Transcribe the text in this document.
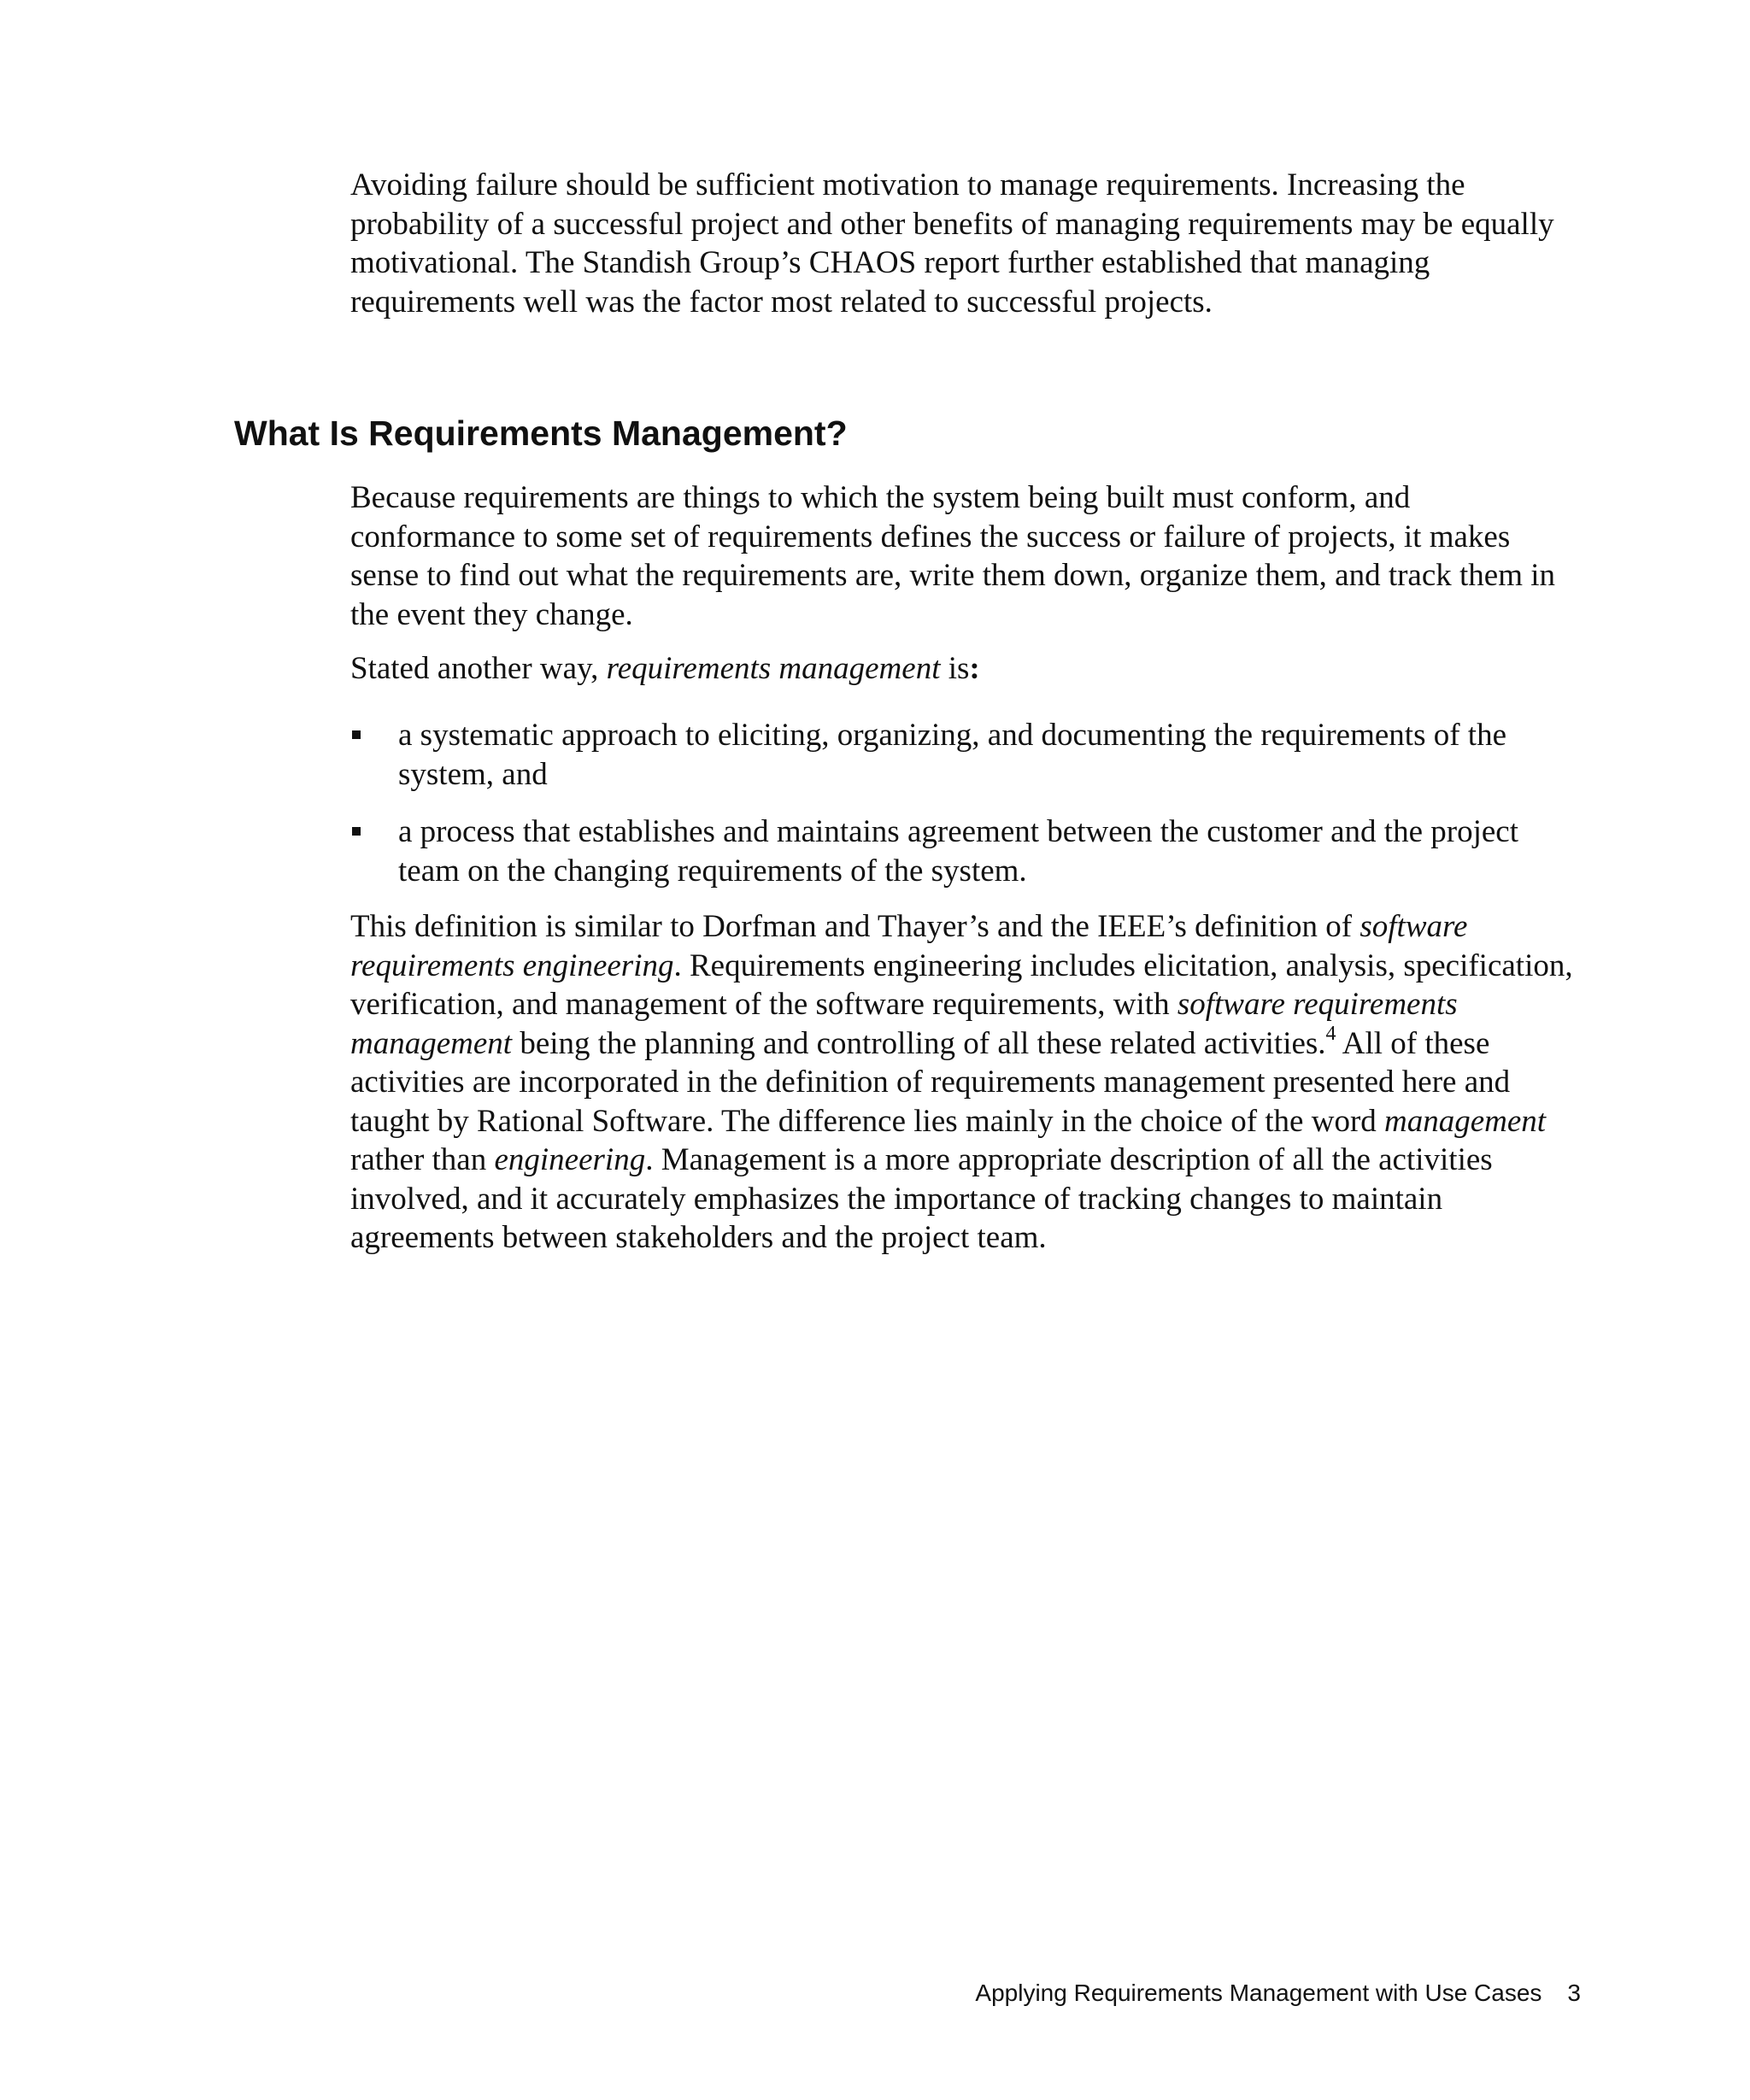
Avoiding failure should be sufficient motivation to manage requirements. Increasing the probability of a successful project and other benefits of managing requirements may be equally motivational. The Standish Group’s CHAOS report further established that managing requirements well was the factor most related to successful projects.

What Is Requirements Management?

Because requirements are things to which the system being built must conform, and conformance to some set of requirements defines the success or failure of projects, it makes sense to find out what the requirements are, write them down, organize them, and track them in the event they change.

Stated another way, requirements management is:

a systematic approach to eliciting, organizing, and documenting the requirements of the system, and
a process that establishes and maintains agreement between the customer and the project team on the changing requirements of the system.

This definition is similar to Dorfman and Thayer’s and the IEEE’s definition of software requirements engineering. Requirements engineering includes elicitation, analysis, specification, verification, and management of the software requirements, with software requirements management being the planning and controlling of all these related activities.$^4$ All of these activities are incorporated in the definition of requirements management presented here and taught by Rational Software. The difference lies mainly in the choice of the word management rather than engineering. Management is a more appropriate description of all the activities involved, and it accurately emphasizes the importance of tracking changes to maintain agreements between stakeholders and the project team.

Applying Requirements Management with Use Cases 3
